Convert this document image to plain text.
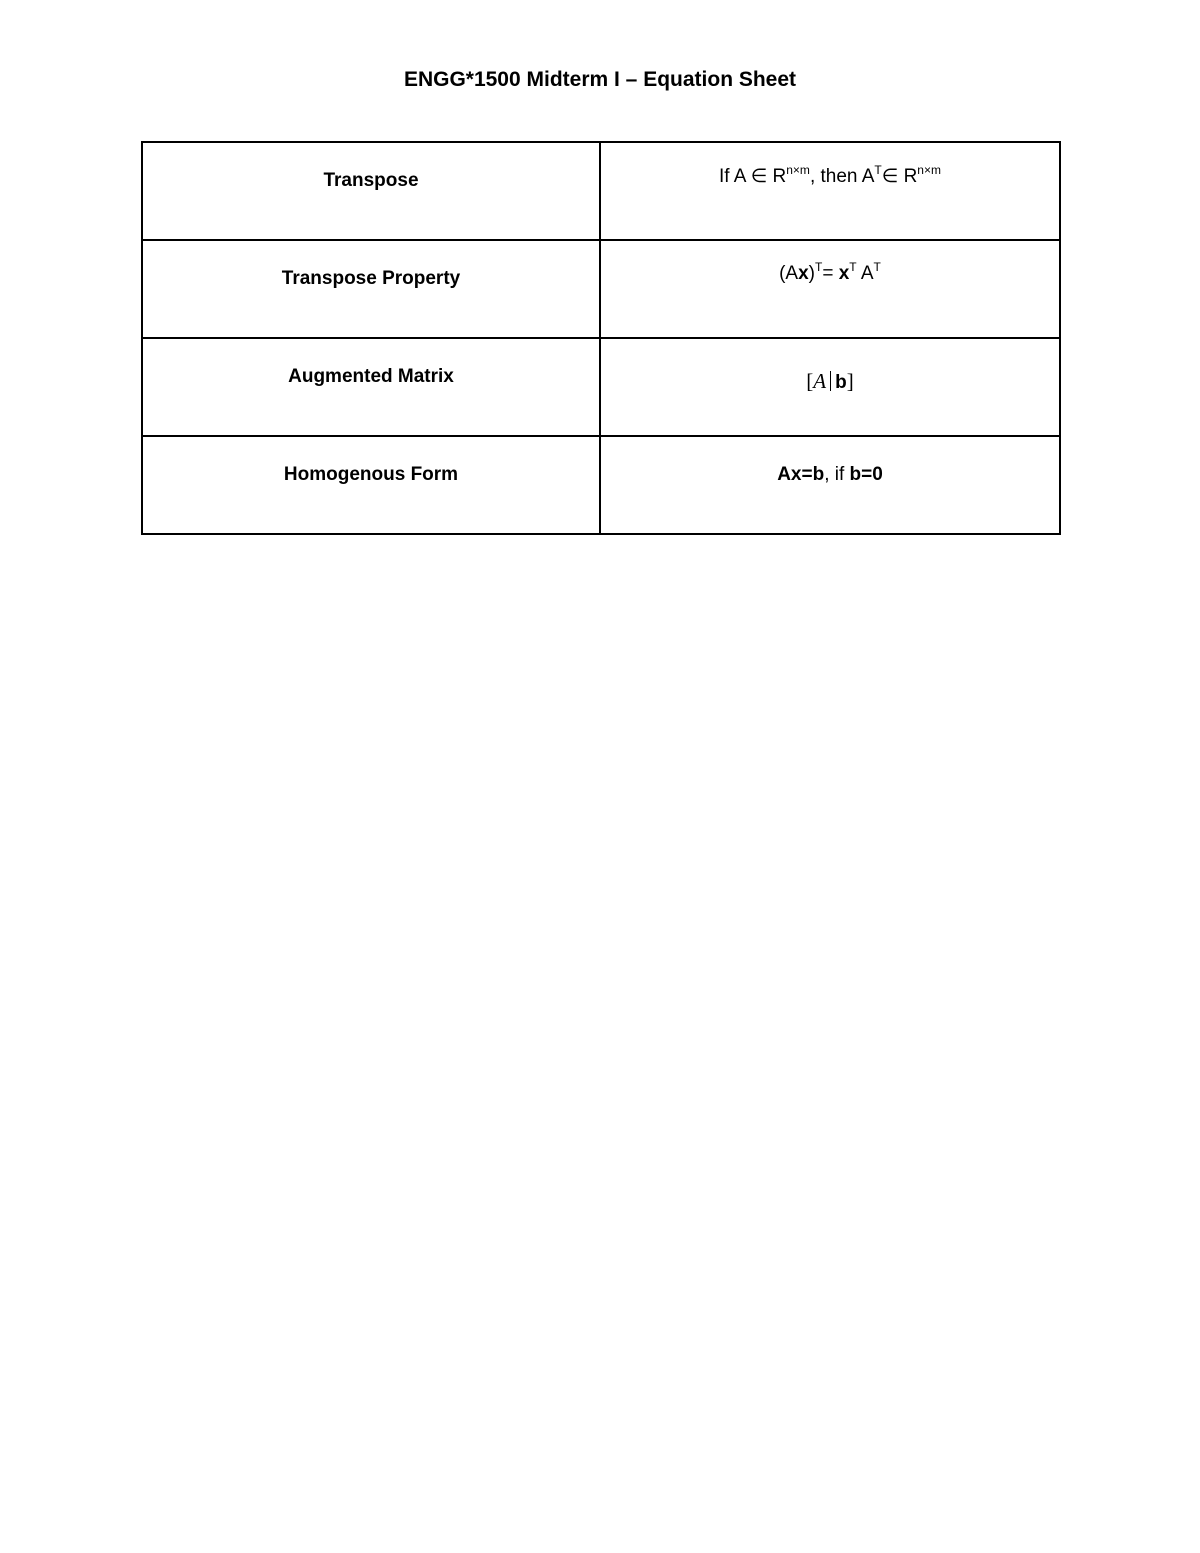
ENGG*1500 Midterm I – Equation Sheet
Transpose	If A ∈ $R^{n\times m}$, then $A^T\in$ $R^{n\times m}$
Transpose Property	$(Ax)^T= x^T$ $A^T$
Augmented Matrix	[A b]
Homogenous Form	Ax=b, if b=0
